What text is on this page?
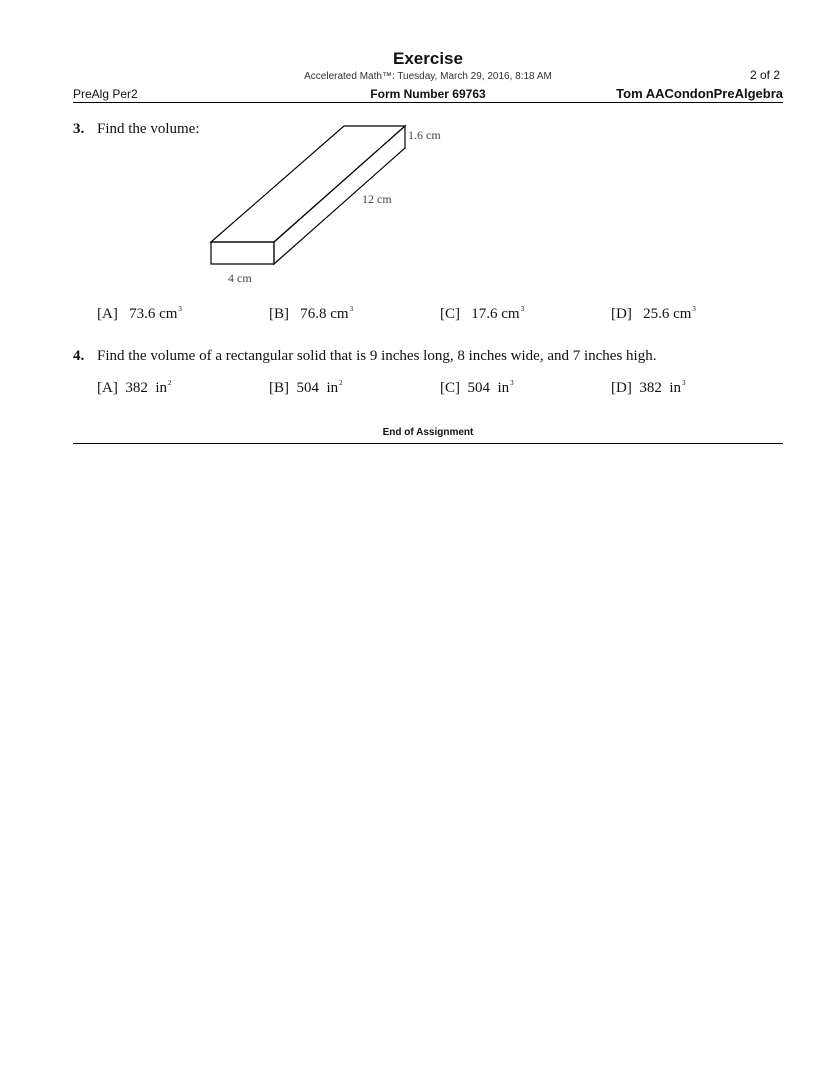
Exercise
Accelerated Math™: Tuesday, March 29, 2016, 8:18 AM	2 of 2
PreAlg Per2	Form Number 69763	Tom AACondonPreAlgebra
3. Find the volume:	1.6 cm
12 cm
4 cm
[A] 73.6 $cm^3$	[B] 76.8 $cm^3$	[C] 17.6 $cm^3$	[D] 25.6 $cm^3$
4. Find the volume of a rectangular solid that is 9 inches long, 8 inches wide, and 7 inches high.
[A] 382  $in^2$	[B] 504  $in^2$	[C] 504  $in^3$	[D] 382  $in^3$
End of Assignment
